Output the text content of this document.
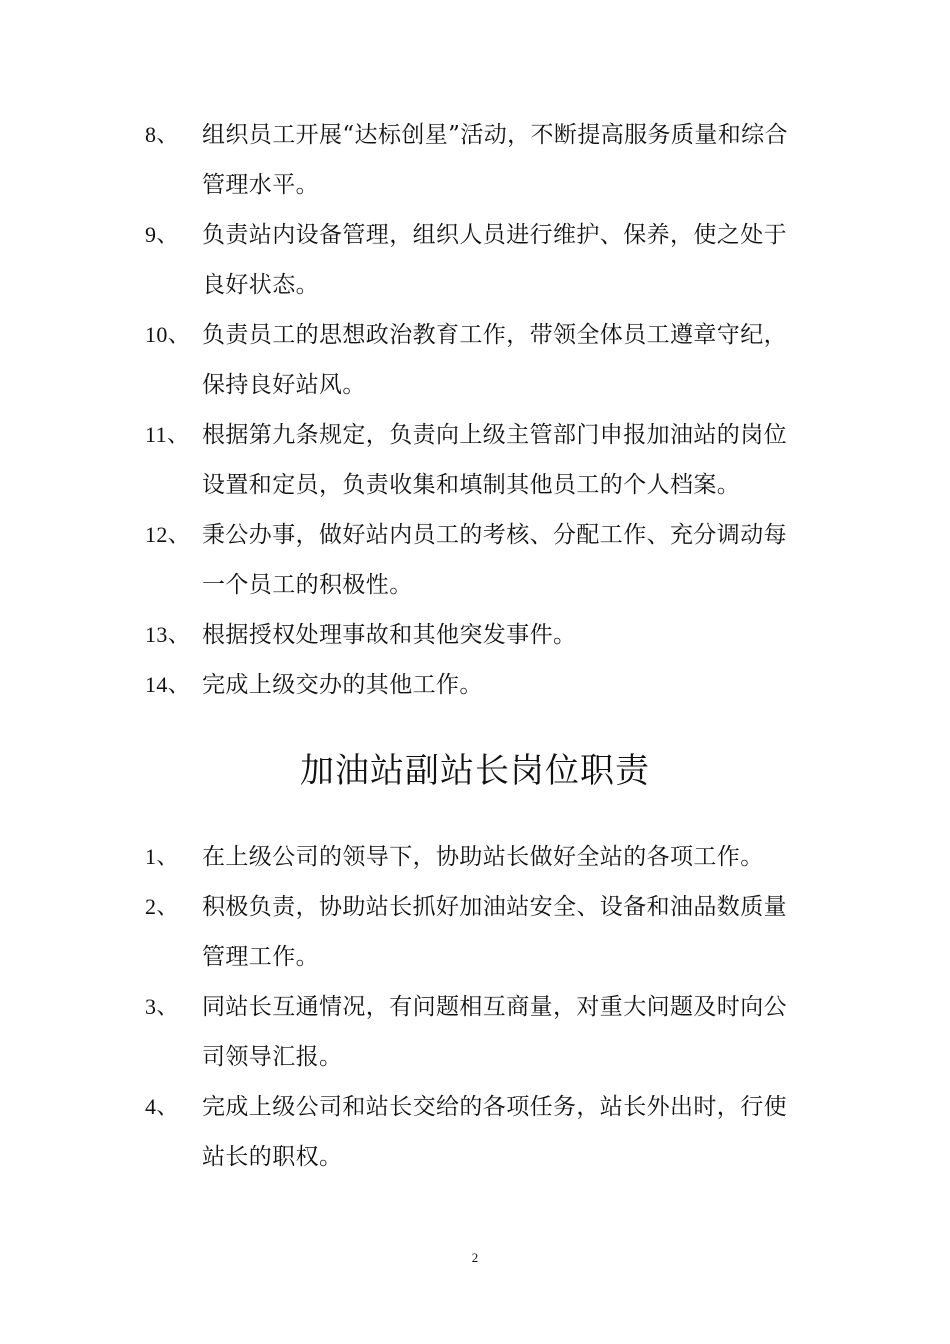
8、	组织员工开展“达标创星”活动，不断提高服务质量和综合管理水平。
9、	负责站内设备管理，组织人员进行维护、保养，使之处于良好状态。
10、 负责员工的思想政治教育工作，带领全体员工遵章守纪，保持良好站风。
11、 根据第九条规定，负责向上级主管部门申报加油站的岗位设置和定员，负责收集和填制其他员工的个人档案。
12、 秉公办事，做好站内员工的考核、分配工作、充分调动每一个员工的积极性。
13、 根据授权处理事故和其他突发事件。
14、 完成上级交办的其他工作。
加油站副站长岗位职责
1、	在上级公司的领导下，协助站长做好全站的各项工作。
2、	积极负责，协助站长抓好加油站安全、设备和油品数质量管理工作。
3、	同站长互通情况，有问题相互商量，对重大问题及时向公司领导汇报。
4、	完成上级公司和站长交给的各项任务，站长外出时，行使站长的职权。
2
